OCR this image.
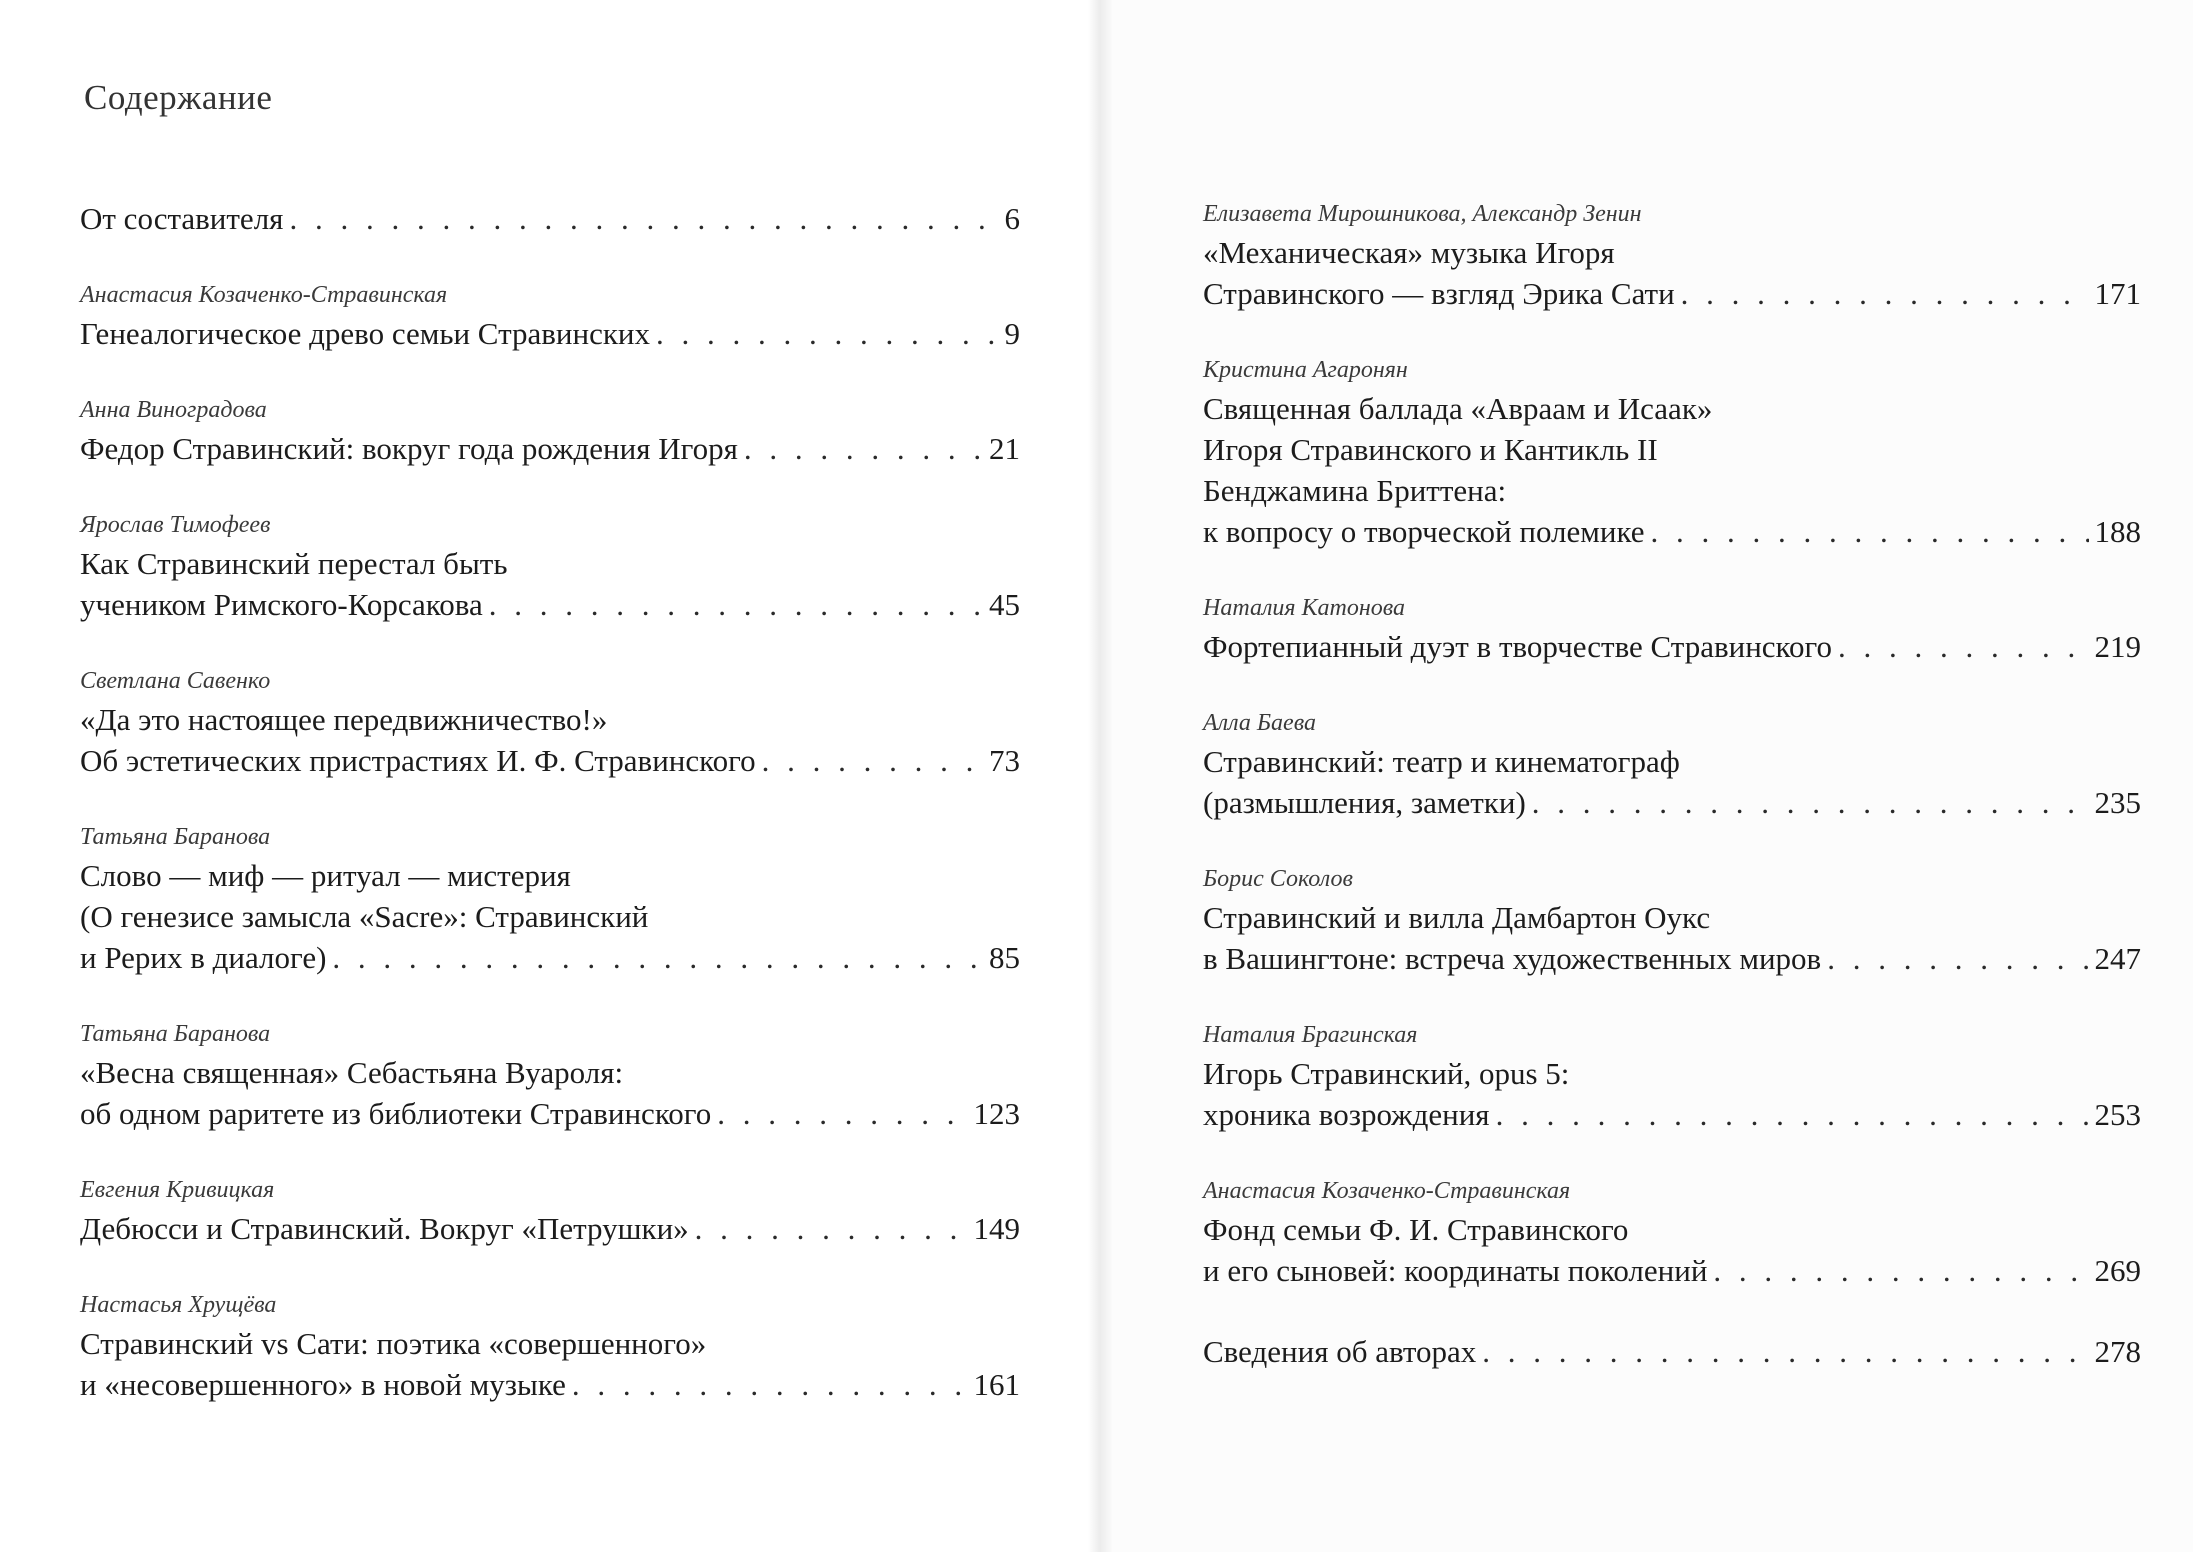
Содержание
От составителя . . .	6
Анастасия Козаченко-Стравинская
Генеалогическое древо семьи Стравинских . . .	9
Анна Виноградова
Федор Стравинский: вокруг года рождения Игоря . . .	21
Ярослав Тимофеев
Как Стравинский перестал быть
учеником Римского-Корсакова . . .	45
Светлана Савенко
«Да это настоящее передвижничество!»
Об эстетических пристрастиях И. Ф. Стравинского . . .	73
Татьяна Баранова
Слово — миф — ритуал — мистерия
(О генезисе замысла «Sacre»: Стравинский
и Рерих в диалоге) . . .	85
Татьяна Баранова
«Весна священная» Себастьяна Вуароля:
об одном раритете из библиотеки Стравинского . . .	123
Евгения Кривицкая
Дебюсси и Стравинский. Вокруг «Петрушки» . . .	149
Настасья Хрущёва
Стравинский vs Сати: поэтика «совершенного»
и «несовершенного» в новой музыке . . .	161
Елизавета Мирошникова, Александр Зенин
«Механическая» музыка Игоря
Стравинского — взгляд Эрика Сати . . .	171
Кристина Агаронян
Священная баллада «Авраам и Исаак»
Игоря Стравинского и Кантикль II
Бенджамина Бриттена:
к вопросу о творческой полемике . . .	188
Наталия Катонова
Фортепианный дуэт в творчестве Стравинского . . .	219
Алла Баева
Стравинский: театр и кинематограф
(размышления, заметки) . . .	235
Борис Соколов
Стравинский и вилла Дамбартон Оукс
в Вашингтоне: встреча художественных миров . . .	247
Наталия Брагинская
Игорь Стравинский, opus 5:
хроника возрождения . . .	253
Анастасия Козаченко-Стравинская
Фонд семьи Ф. И. Стравинского
и его сыновей: координаты поколений . . .	269
Сведения об авторах . . .	278
